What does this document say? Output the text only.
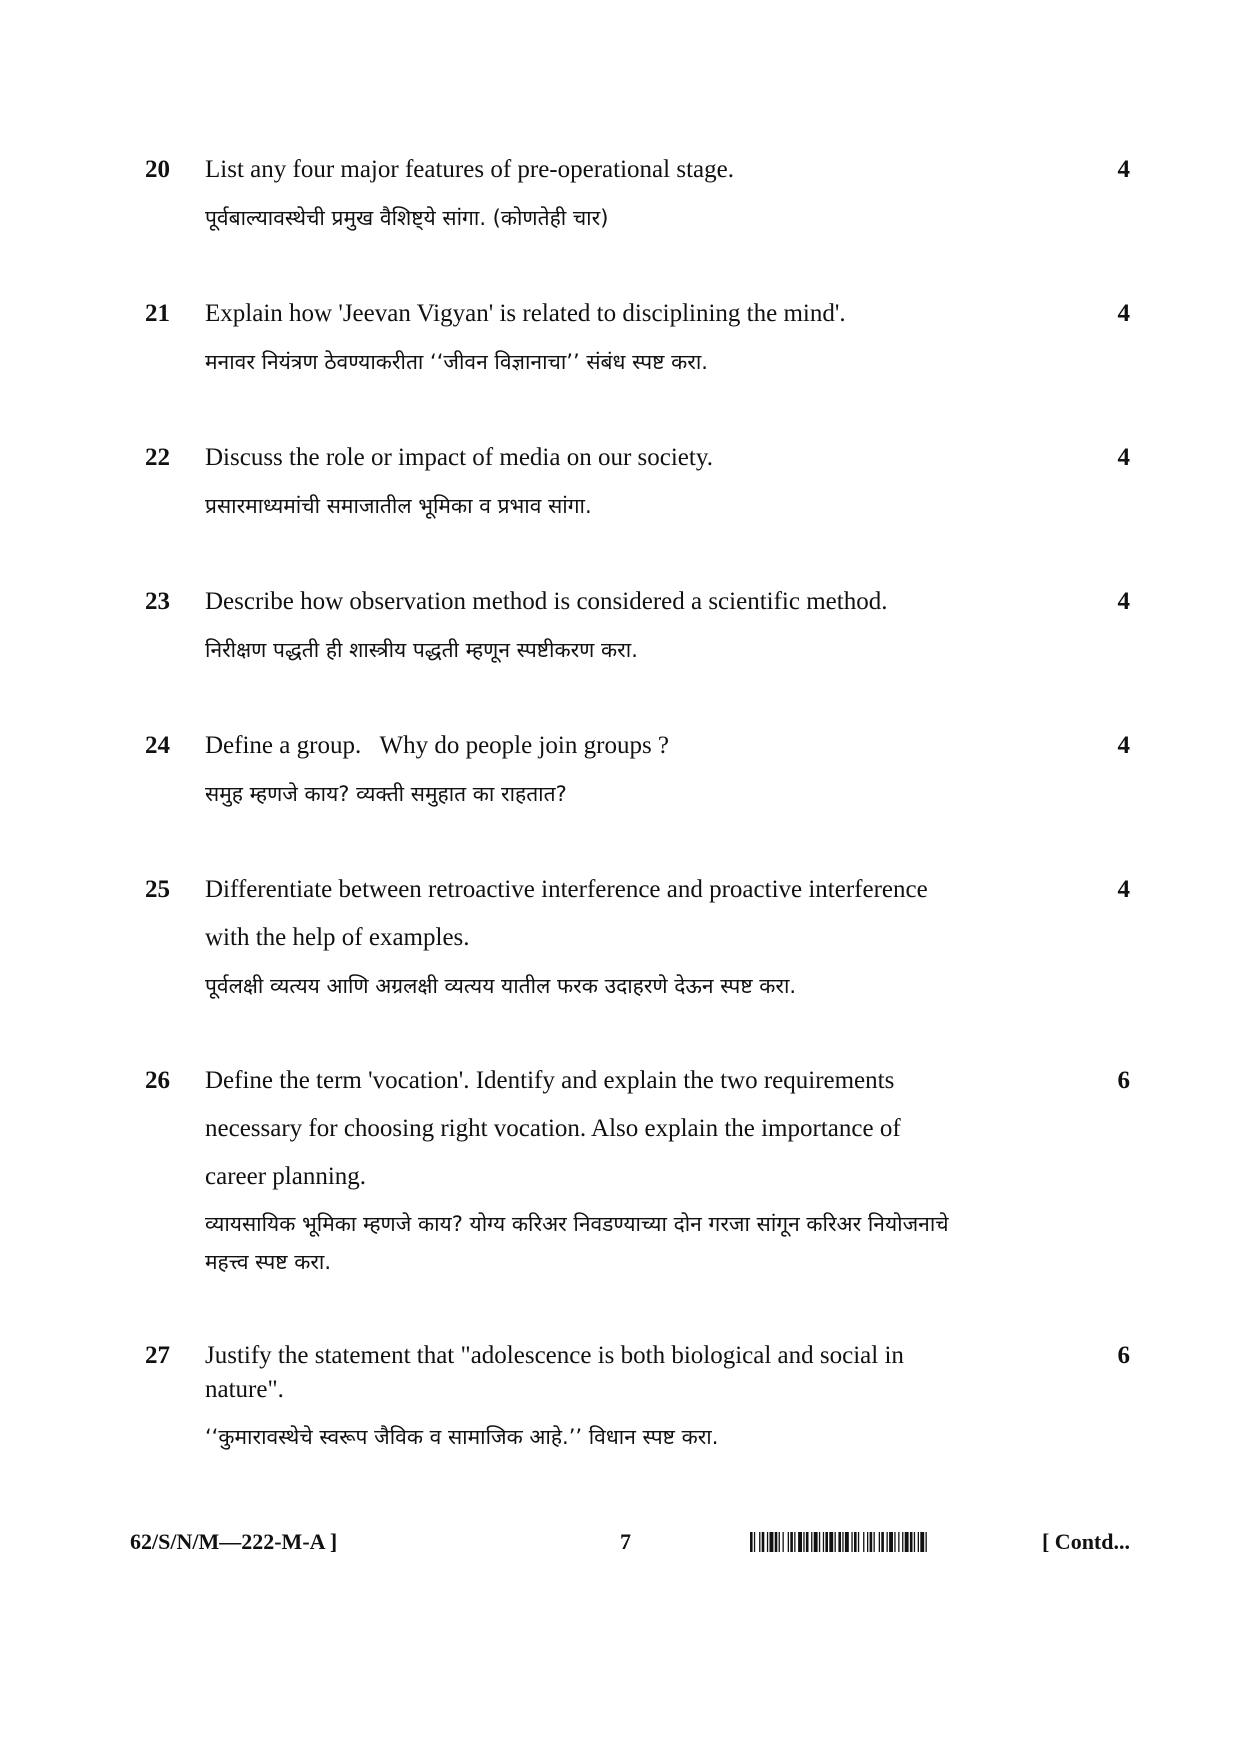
20	4

List any four major features of pre-operational stage.

पूर्वबाल्यावस्थेची प्रमुख वैशिष्ट्ये सांगा. (कोणतेही चार)

21	4

Explain how 'Jeevan Vigyan' is related to disciplining the mind'.

मनावर नियंत्रण ठेवण्याकरीता ‘‘जीवन विज्ञानाचा’’ संबंध स्पष्ट करा.

22	4

Discuss the role or impact of media on our society.

प्रसारमाध्यमांची समाजातील भूमिका व प्रभाव सांगा.

23	4

Describe how observation method is considered a scientific method.

निरीक्षण पद्धती ही शास्त्रीय पद्धती म्हणून स्पष्टीकरण करा.

24	4

Define a group.   Why do people join groups ?

समुह म्हणजे काय? व्यक्ती समुहात का राहतात?

25	4

Differentiate between retroactive interference and proactive interference

with the help of examples.

पूर्वलक्षी व्यत्यय आणि अग्रलक्षी व्यत्यय यातील फरक उदाहरणे देऊन स्पष्ट करा.

26	6

Define the term 'vocation'. Identify and explain the two requirements

necessary for choosing right vocation. Also explain the importance of

career planning.

व्यायसायिक भूमिका म्हणजे काय? योग्य करिअर निवडण्याच्या दोन गरजा सांगून करिअर नियोजनाचे

महत्त्व स्पष्ट करा.

27	6

Justify the statement that "adolescence is both biological and social in

nature".

‘‘कुमारावस्थेचे स्वरूप जैविक व सामाजिक आहे.’’ विधान स्पष्ट करा.

62/S/N/M—222-M-A ]	7	[ Contd...
